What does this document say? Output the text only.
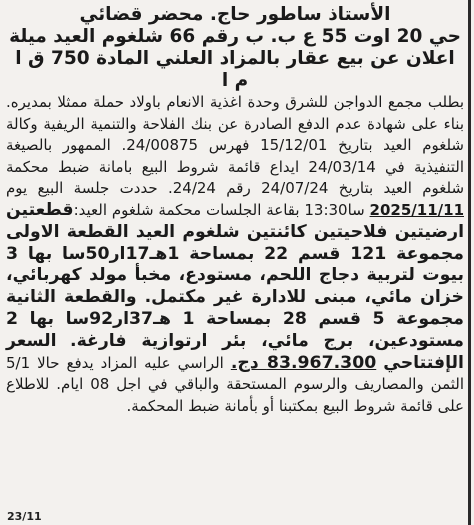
الأستاذ ساطور حاج. محضر قضائي

حي 20 اوت 55 ع ب. ب رقم 66 شلغوم العيد ميلة

اعلان عن بيع عقار بالمزاد العلني المادة 750 ق ا م ا

بطلب مجمع الدواجن للشرق وحدة اغذية الانعام باولاد حملة ممثلا بمديره. بناء على شهادة عدم الدفع الصادرة عن بنك الفلاحة والتنمية الريفية وكالة شلغوم العيد بتاريخ 15/12/01 فهرس 24/00875. الممهور بالصيغة التنفيذية في 24/03/14 ايداع قائمة شروط البيع بامانة ضبط محكمة شلغوم العيد بتاريخ 24/07/24 رقم 24/24. حددت جلسة البيع يوم 2025/11/11 سا13:30 بقاعة الجلسات محكمة شلغوم العيد:قطعتين ارضيتين فلاحيتين كائنتين شلغوم العيد القطعة الاولى مجموعة 121 قسم 22 بمساحة 1هـ17ار50سا بها 3 بيوت لتربية دجاج اللحم، مستودع، مخبأ مولد كهربائي، خزان مائي، مبنى للادارة غير مكتمل. والقطعة الثانية مجموعة 5 قسم 28 بمساحة 1 هـ37ار92سا بها 2 مستودعين، برج مائي، بئر ارتوازية فارغة. السعر الإفتتاحي 83.967.300 دج. الراسي عليه المزاد يدفع حالا 5/1 الثمن والمصاريف والرسوم المستحقة والباقي في اجل 08 ايام. للاطلاع على قائمة شروط البيع بمكتبنا أو بأمانة ضبط المحكمة.

23/11
